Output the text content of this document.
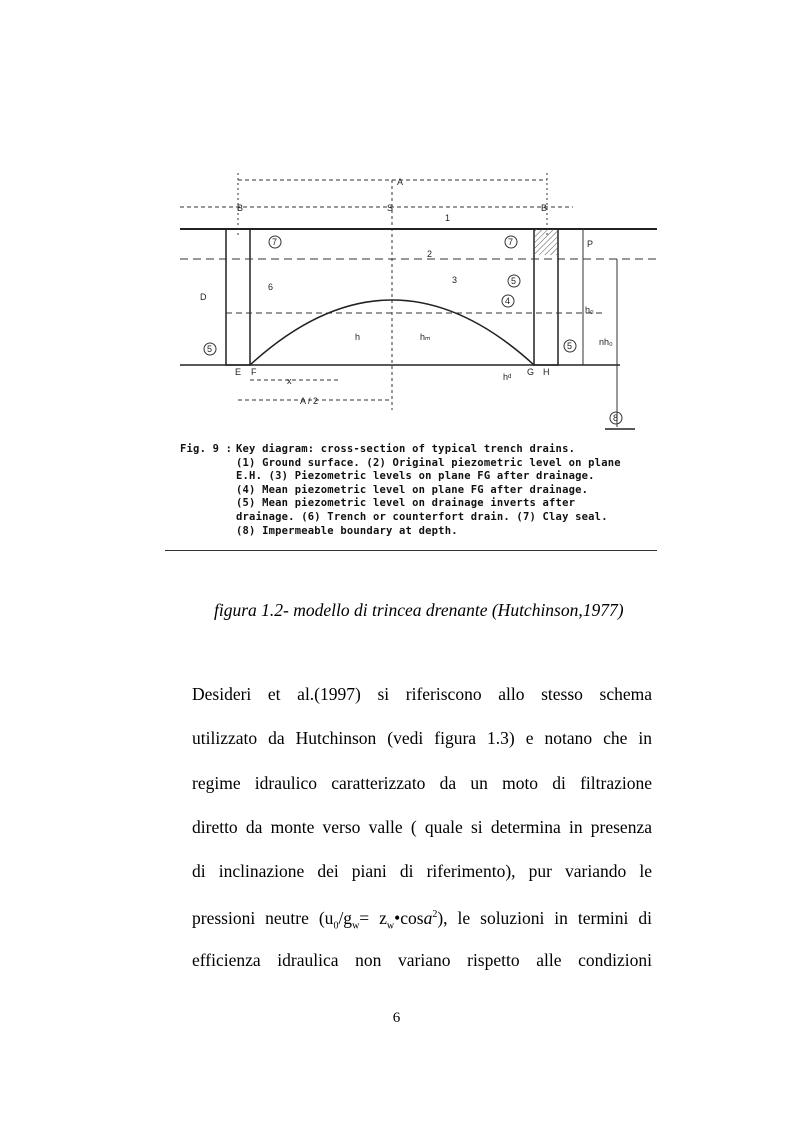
A
B	S	B
A / 2
x
E F	G H
D
P
h₀
nh₀
h	hₘ
hᵈ
1
2
3
4
5
5
5
6
7	7
8
Fig. 9 : Key diagram: cross-section of typical trench drains.
(1) Ground surface. (2) Original piezometric level on plane
E.H. (3) Piezometric levels on plane FG after drainage.
(4) Mean piezometric level on plane FG after drainage.
(5) Mean piezometric level on drainage inverts after
drainage. (6) Trench or counterfort drain. (7) Clay seal.
(8) Impermeable boundary at depth.
figura 1.2- modello di trincea drenante (Hutchinson,1977)
Desideri et al.(1997) si riferiscono allo stesso schema
utilizzato da Hutchinson (vedi figura 1.3) e notano che in
regime idraulico caratterizzato da un moto di filtrazione
diretto da monte verso valle ( quale si determina in presenza
di inclinazione dei piani di riferimento), pur variando le
pressioni neutre ($u_0/g_w=$ $z_w•\cos a^2$), le soluzioni in termini di
efficienza idraulica non variano rispetto alle condizioni
6
